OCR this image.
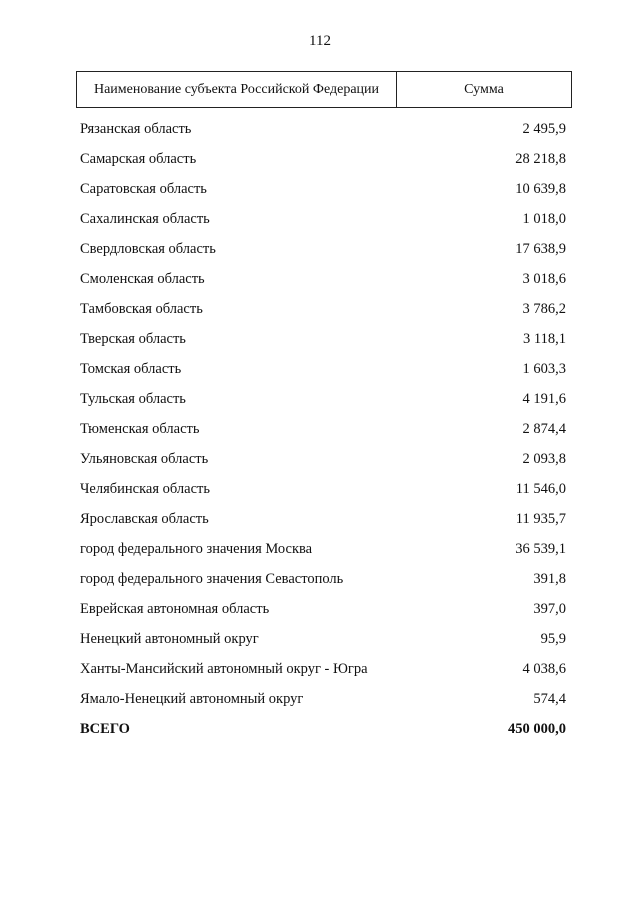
112
Наименование субъекта Российской Федерации	Сумма
Рязанская область	2 495,9
Самарская область	28 218,8
Саратовская область	10 639,8
Сахалинская область	1 018,0
Свердловская область	17 638,9
Смоленская область	3 018,6
Тамбовская область	3 786,2
Тверская область	3 118,1
Томская область	1 603,3
Тульская область	4 191,6
Тюменская область	2 874,4
Ульяновская область	2 093,8
Челябинская область	11 546,0
Ярославская область	11 935,7
город федерального значения Москва	36 539,1
город федерального значения Севастополь	391,8
Еврейская автономная область	397,0
Ненецкий автономный округ	95,9
Ханты-Мансийский автономный округ - Югра	4 038,6
Ямало-Ненецкий автономный округ	574,4
ВСЕГО	450 000,0
